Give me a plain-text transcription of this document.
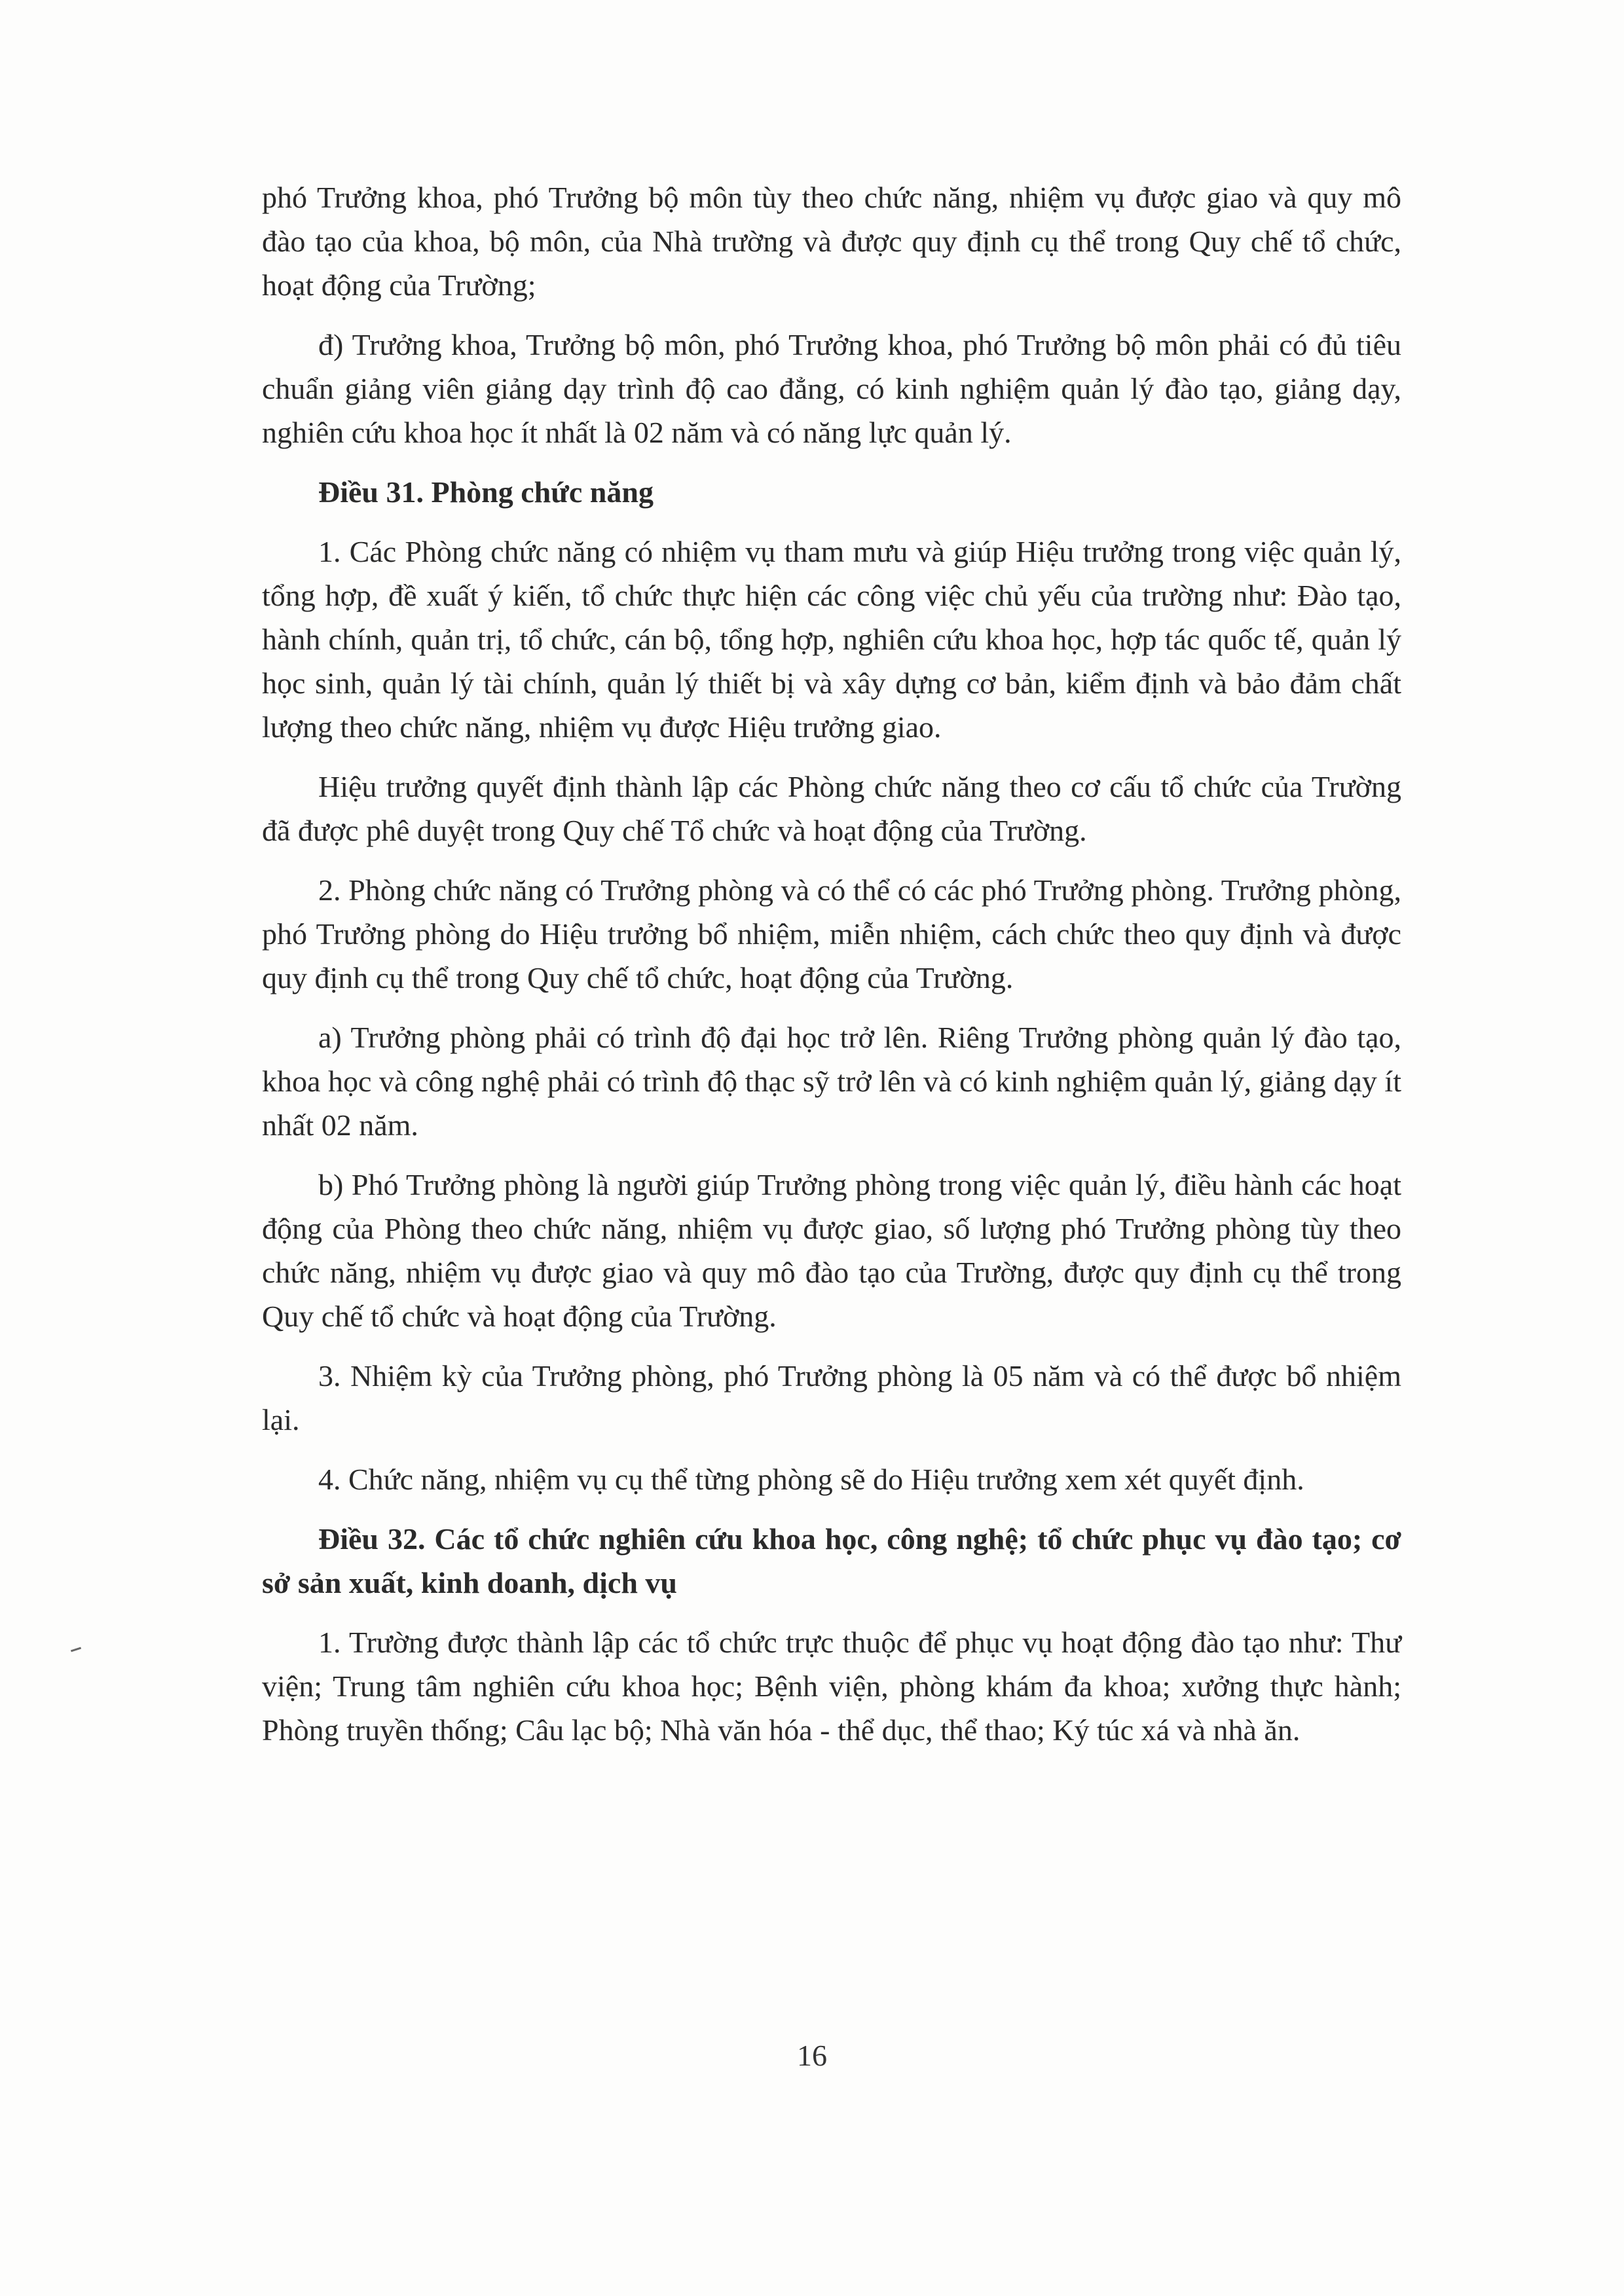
phó Trưởng khoa, phó Trưởng bộ môn tùy theo chức năng, nhiệm vụ được giao và quy mô đào tạo của khoa, bộ môn, của Nhà trường và được quy định cụ thể trong Quy chế tổ chức, hoạt động của Trường;

đ) Trưởng khoa, Trưởng bộ môn, phó Trưởng khoa, phó Trưởng bộ môn phải có đủ tiêu chuẩn giảng viên giảng dạy trình độ cao đẳng, có kinh nghiệm quản lý đào tạo, giảng dạy, nghiên cứu khoa học ít nhất là 02 năm và có năng lực quản lý.

Điều 31. Phòng chức năng

1. Các Phòng chức năng có nhiệm vụ tham mưu và giúp Hiệu trưởng trong việc quản lý, tổng hợp, đề xuất ý kiến, tổ chức thực hiện các công việc chủ yếu của trường như: Đào tạo, hành chính, quản trị, tổ chức, cán bộ, tổng hợp, nghiên cứu khoa học, hợp tác quốc tế, quản lý học sinh, quản lý tài chính, quản lý thiết bị và xây dựng cơ bản, kiểm định và bảo đảm chất lượng theo chức năng, nhiệm vụ được Hiệu trưởng giao.

Hiệu trưởng quyết định thành lập các Phòng chức năng theo cơ cấu tổ chức của Trường đã được phê duyệt trong Quy chế Tổ chức và hoạt động của Trường.

2. Phòng chức năng có Trưởng phòng và có thể có các phó Trưởng phòng. Trưởng phòng, phó Trưởng phòng do Hiệu trưởng bổ nhiệm, miễn nhiệm, cách chức theo quy định và được quy định cụ thể trong Quy chế tổ chức, hoạt động của Trường.

a) Trưởng phòng phải có trình độ đại học trở lên. Riêng Trưởng phòng quản lý đào tạo, khoa học và công nghệ phải có trình độ thạc sỹ trở lên và có kinh nghiệm quản lý, giảng dạy ít nhất 02 năm.

b) Phó Trưởng phòng là người giúp Trưởng phòng trong việc quản lý, điều hành các hoạt động của Phòng theo chức năng, nhiệm vụ được giao, số lượng phó Trưởng phòng tùy theo chức năng, nhiệm vụ được giao và quy mô đào tạo của Trường, được quy định cụ thể trong Quy chế tổ chức và hoạt động của Trường.

3. Nhiệm kỳ của Trưởng phòng, phó Trưởng phòng là 05 năm và có thể được bổ nhiệm lại.

4. Chức năng, nhiệm vụ cụ thể từng phòng sẽ do Hiệu trưởng xem xét quyết định.

Điều 32. Các tổ chức nghiên cứu khoa học, công nghệ; tổ chức phục vụ đào tạo; cơ sở sản xuất, kinh doanh, dịch vụ

1. Trường được thành lập các tổ chức trực thuộc để phục vụ hoạt động đào tạo như: Thư viện; Trung tâm nghiên cứu khoa học; Bệnh viện, phòng khám đa khoa; xưởng thực hành; Phòng truyền thống; Câu lạc bộ; Nhà văn hóa - thể dục, thể thao; Ký túc xá và nhà ăn.

16
